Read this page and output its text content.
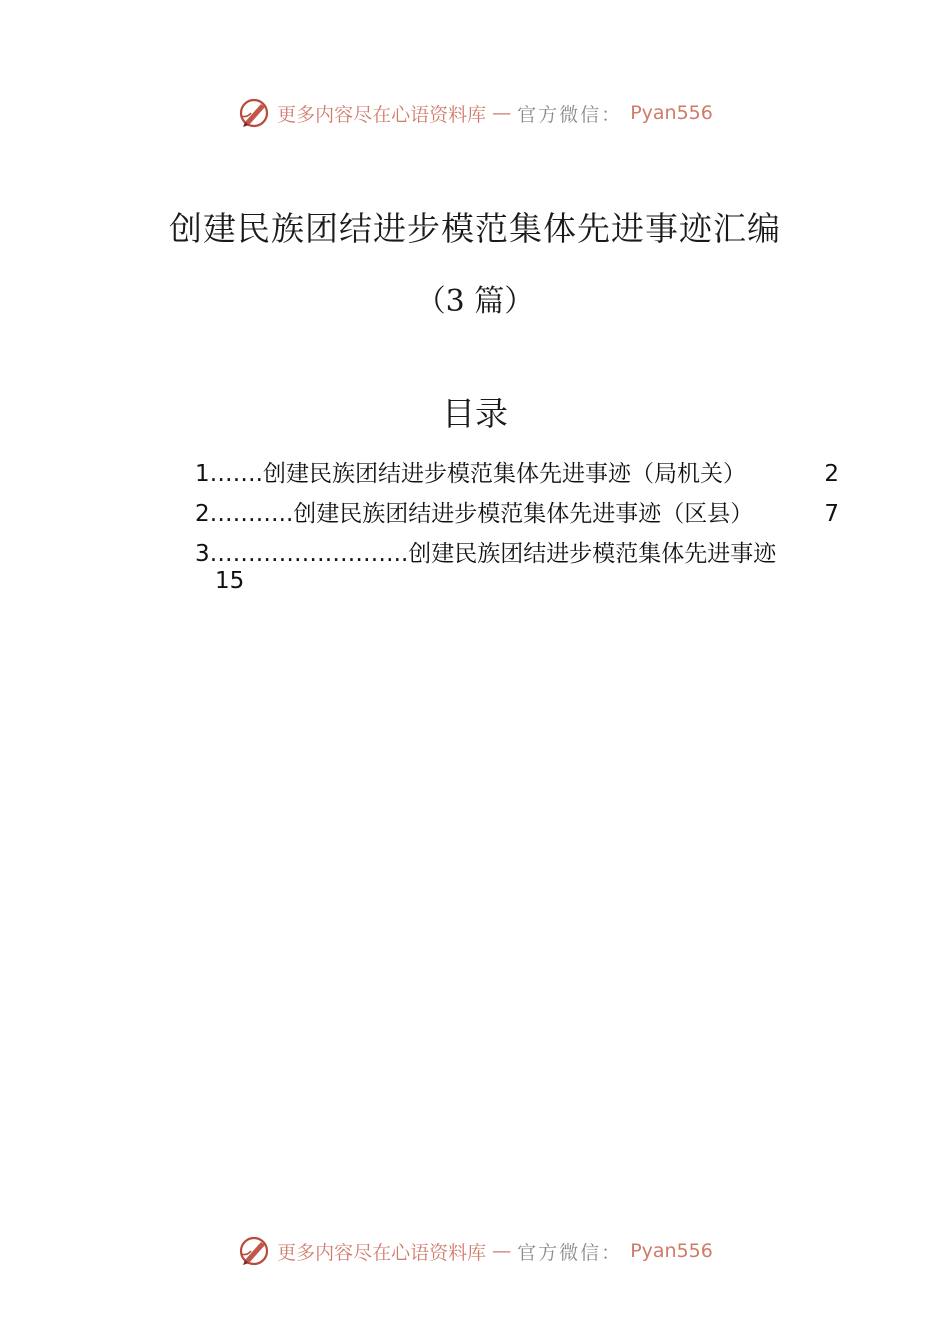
更多内容尽在心语资料库 — 官方微信： Pyan556
创建民族团结进步模范集体先进事迹汇编
（3 篇）
目录
1…….创建民族团结进步模范集体先进事迹（局机关）	2
2………..创建民族团结进步模范集体先进事迹（区县）	7
3……………………..创建民族团结进步模范集体先进事迹
15
更多内容尽在心语资料库 — 官方微信： Pyan556
